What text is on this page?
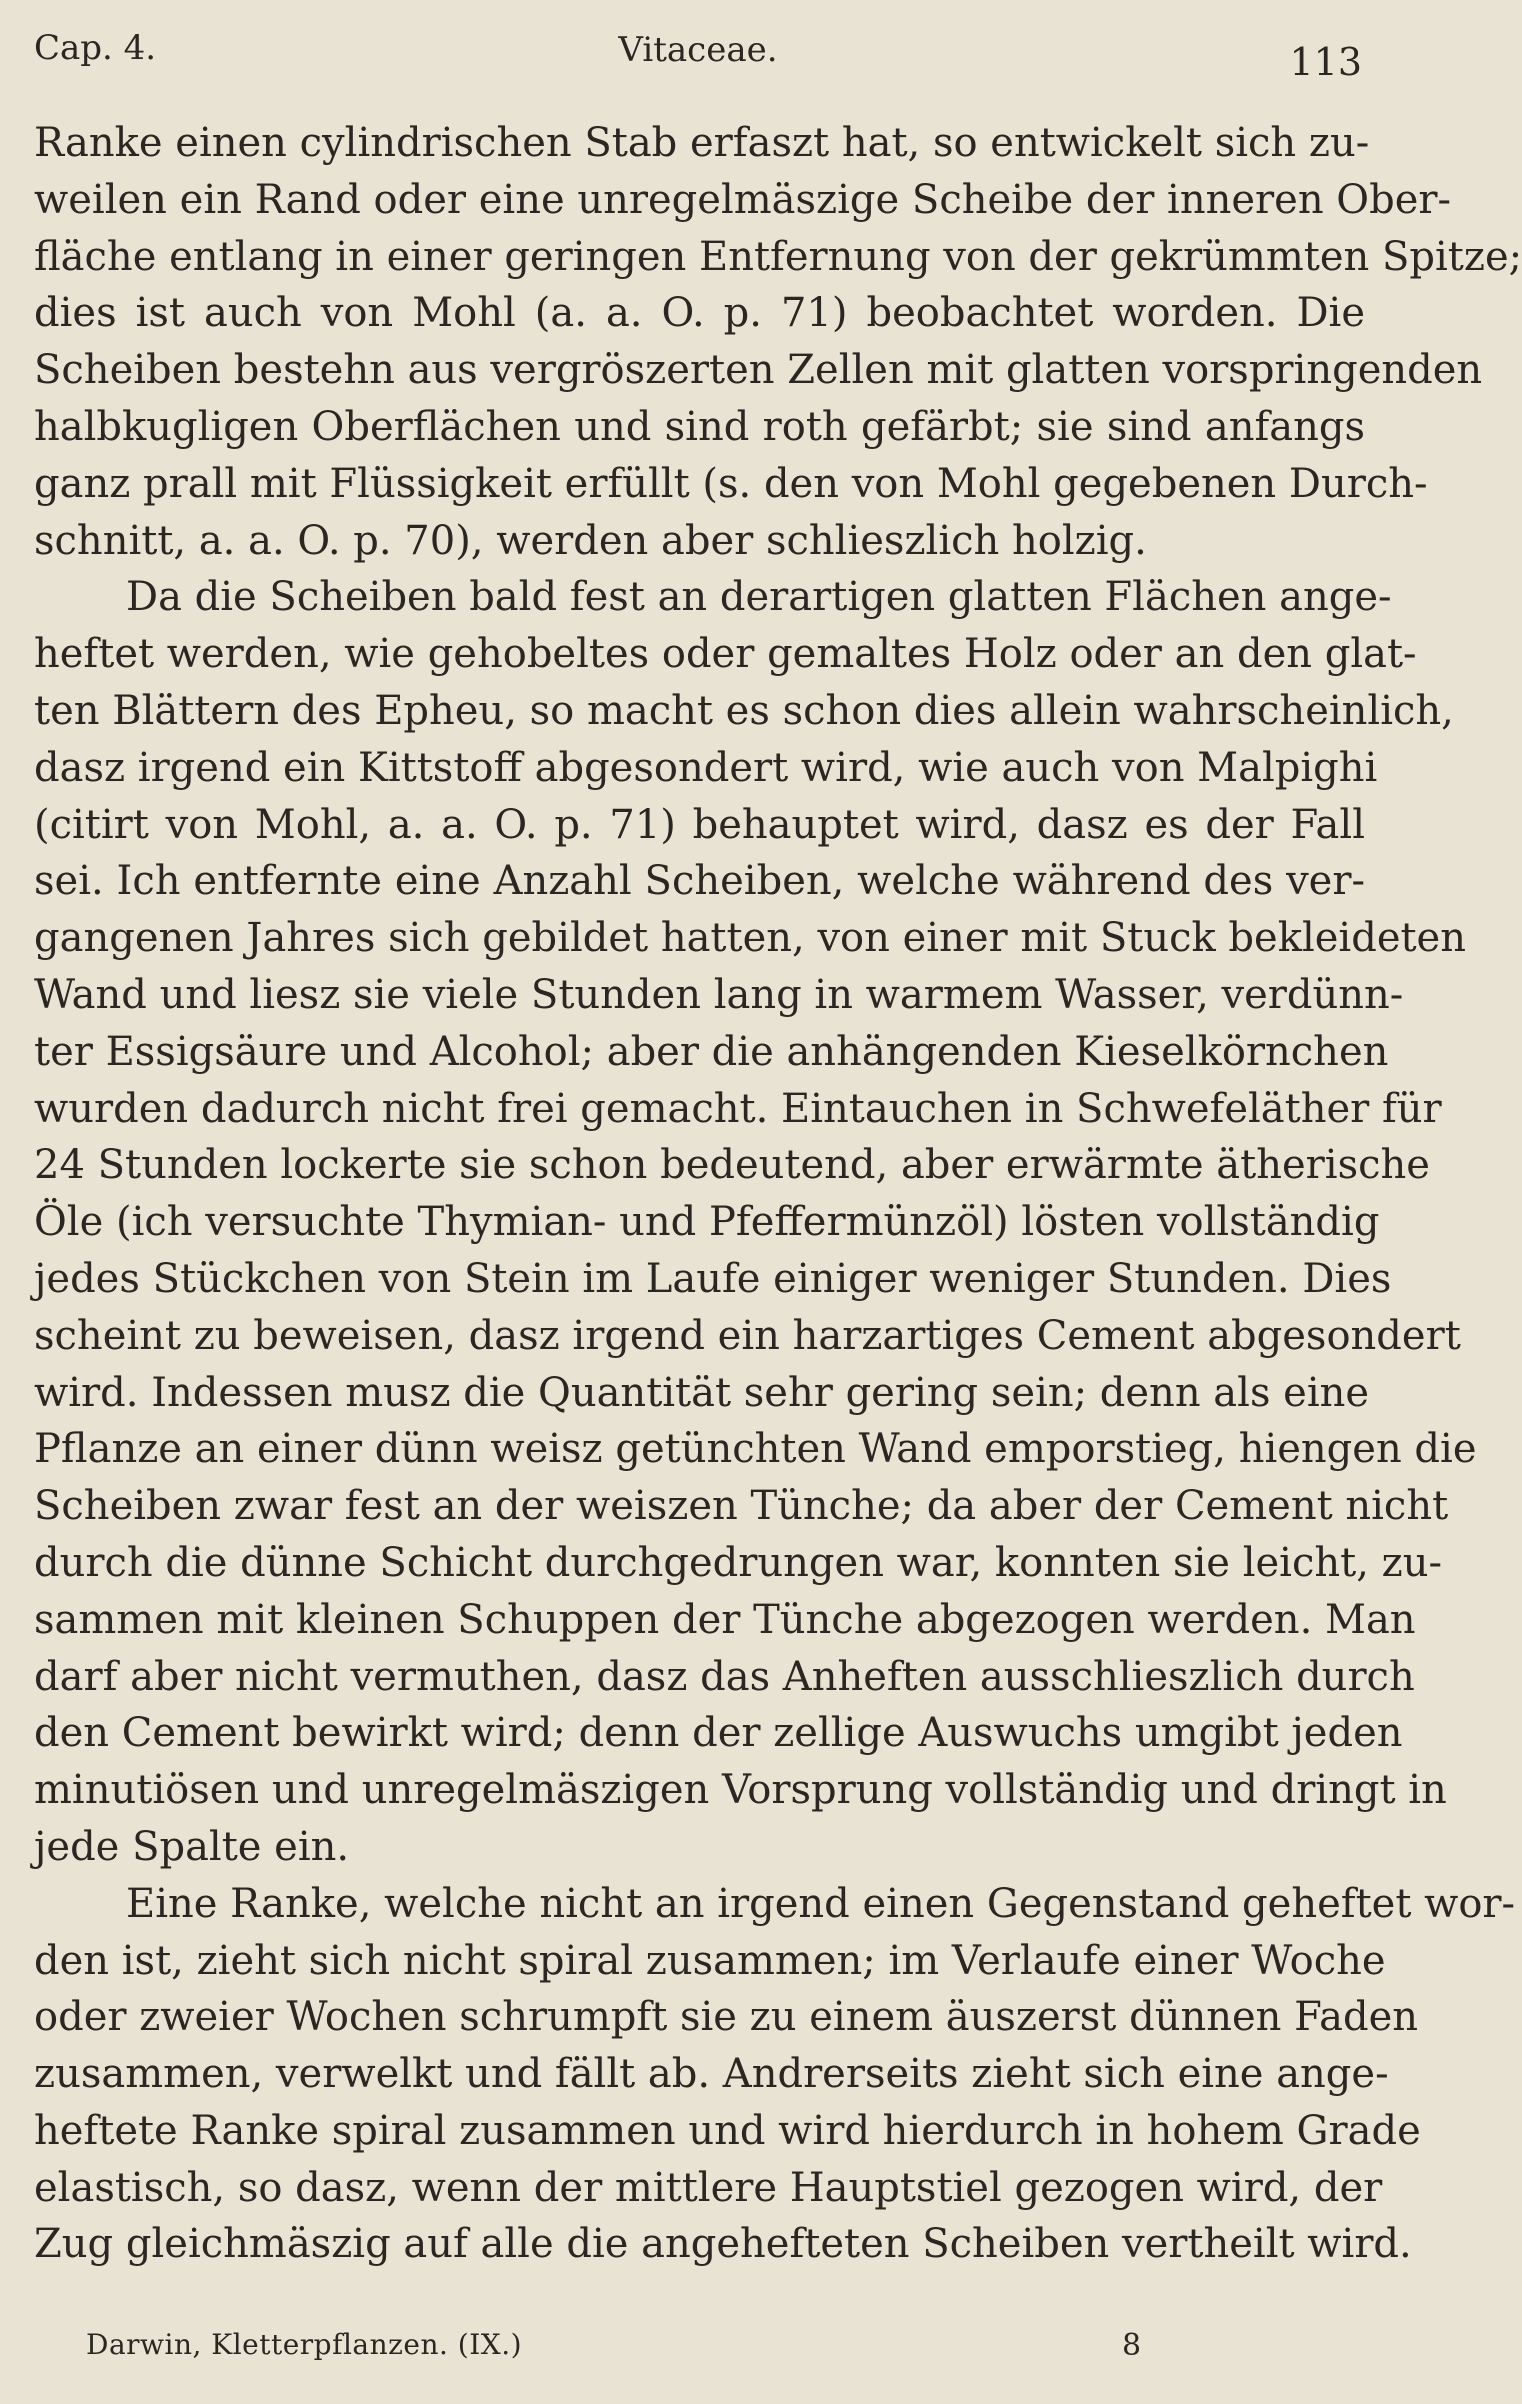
Cap. 4.	Vitaceae.	113
Ranke einen cylindrischen Stab erfaszt hat, so entwickelt sich zu-
weilen ein Rand oder eine unregelmäszige Scheibe der inneren Ober-
fläche entlang in einer geringen Entfernung von der gekrümmten Spitze;
dies ist auch von Mohl (a. a. O. p. 71) beobachtet worden. Die
Scheiben bestehn aus vergröszerten Zellen mit glatten vorspringenden
halbkugligen Oberflächen und sind roth gefärbt; sie sind anfangs
ganz prall mit Flüssigkeit erfüllt (s. den von Mohl gegebenen Durch-
schnitt, a. a. O. p. 70), werden aber schlieszlich holzig.
Da die Scheiben bald fest an derartigen glatten Flächen ange-
heftet werden, wie gehobeltes oder gemaltes Holz oder an den glat-
ten Blättern des Epheu, so macht es schon dies allein wahrscheinlich,
dasz irgend ein Kittstoff abgesondert wird, wie auch von Malpighi
(citirt von Mohl, a. a. O. p. 71) behauptet wird, dasz es der Fall
sei. Ich entfernte eine Anzahl Scheiben, welche während des ver-
gangenen Jahres sich gebildet hatten, von einer mit Stuck bekleideten
Wand und liesz sie viele Stunden lang in warmem Wasser, verdünn-
ter Essigsäure und Alcohol; aber die anhängenden Kieselkörnchen
wurden dadurch nicht frei gemacht. Eintauchen in Schwefeläther für
24 Stunden lockerte sie schon bedeutend, aber erwärmte ätherische
Öle (ich versuchte Thymian- und Pfeffermünzöl) lösten vollständig
jedes Stückchen von Stein im Laufe einiger weniger Stunden. Dies
scheint zu beweisen, dasz irgend ein harzartiges Cement abgesondert
wird. Indessen musz die Quantität sehr gering sein; denn als eine
Pflanze an einer dünn weisz getünchten Wand emporstieg, hiengen die
Scheiben zwar fest an der weiszen Tünche; da aber der Cement nicht
durch die dünne Schicht durchgedrungen war, konnten sie leicht, zu-
sammen mit kleinen Schuppen der Tünche abgezogen werden. Man
darf aber nicht vermuthen, dasz das Anheften ausschlieszlich durch
den Cement bewirkt wird; denn der zellige Auswuchs umgibt jeden
minutiösen und unregelmäszigen Vorsprung vollständig und dringt in
jede Spalte ein.
Eine Ranke, welche nicht an irgend einen Gegenstand geheftet wor-
den ist, zieht sich nicht spiral zusammen; im Verlaufe einer Woche
oder zweier Wochen schrumpft sie zu einem äuszerst dünnen Faden
zusammen, verwelkt und fällt ab. Andrerseits zieht sich eine ange-
heftete Ranke spiral zusammen und wird hierdurch in hohem Grade
elastisch, so dasz, wenn der mittlere Hauptstiel gezogen wird, der
Zug gleichmäszig auf alle die angehefteten Scheiben vertheilt wird.
Darwin, Kletterpflanzen. (IX.)	8
